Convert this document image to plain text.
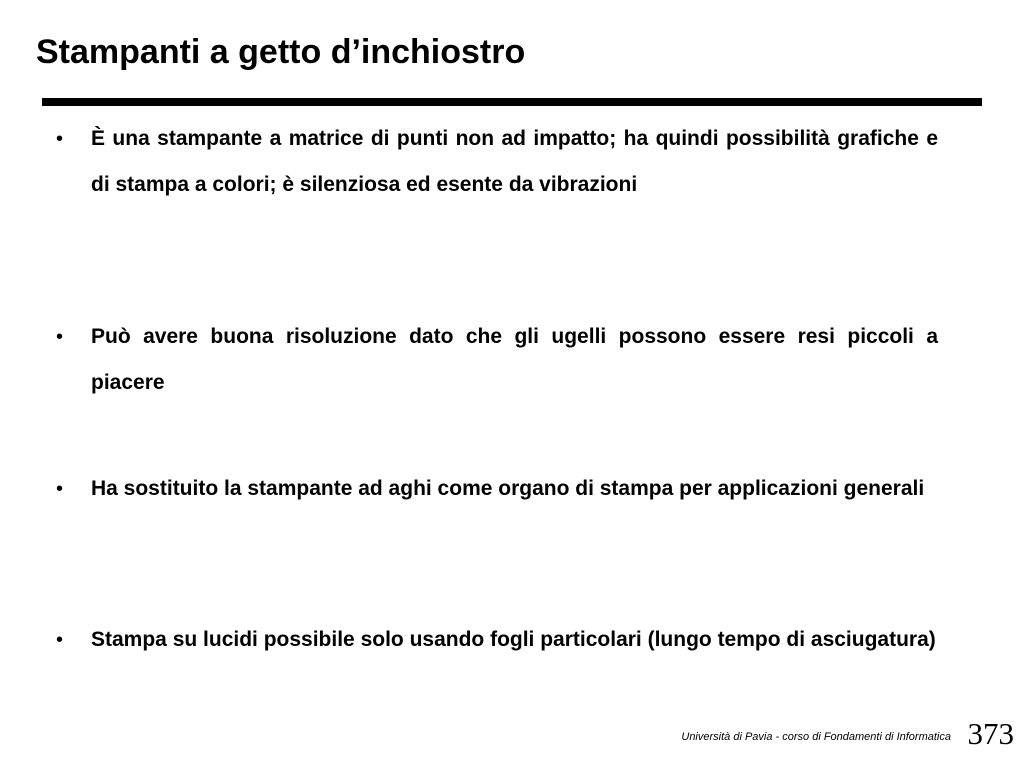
Stampanti a getto d’inchiostro
•	È una stampante a matrice di punti non ad impatto; ha quindi possibilità grafiche e di stampa a colori; è silenziosa ed esente da vibrazioni
•	Può avere buona risoluzione dato che gli ugelli possono essere resi piccoli a piacere
•	Ha sostituito la stampante ad aghi come organo di stampa per applicazioni generali
•	Stampa su lucidi possibile solo usando fogli particolari (lungo tempo di asciugatura)
Università di Pavia - corso di Fondamenti di Informatica 373
